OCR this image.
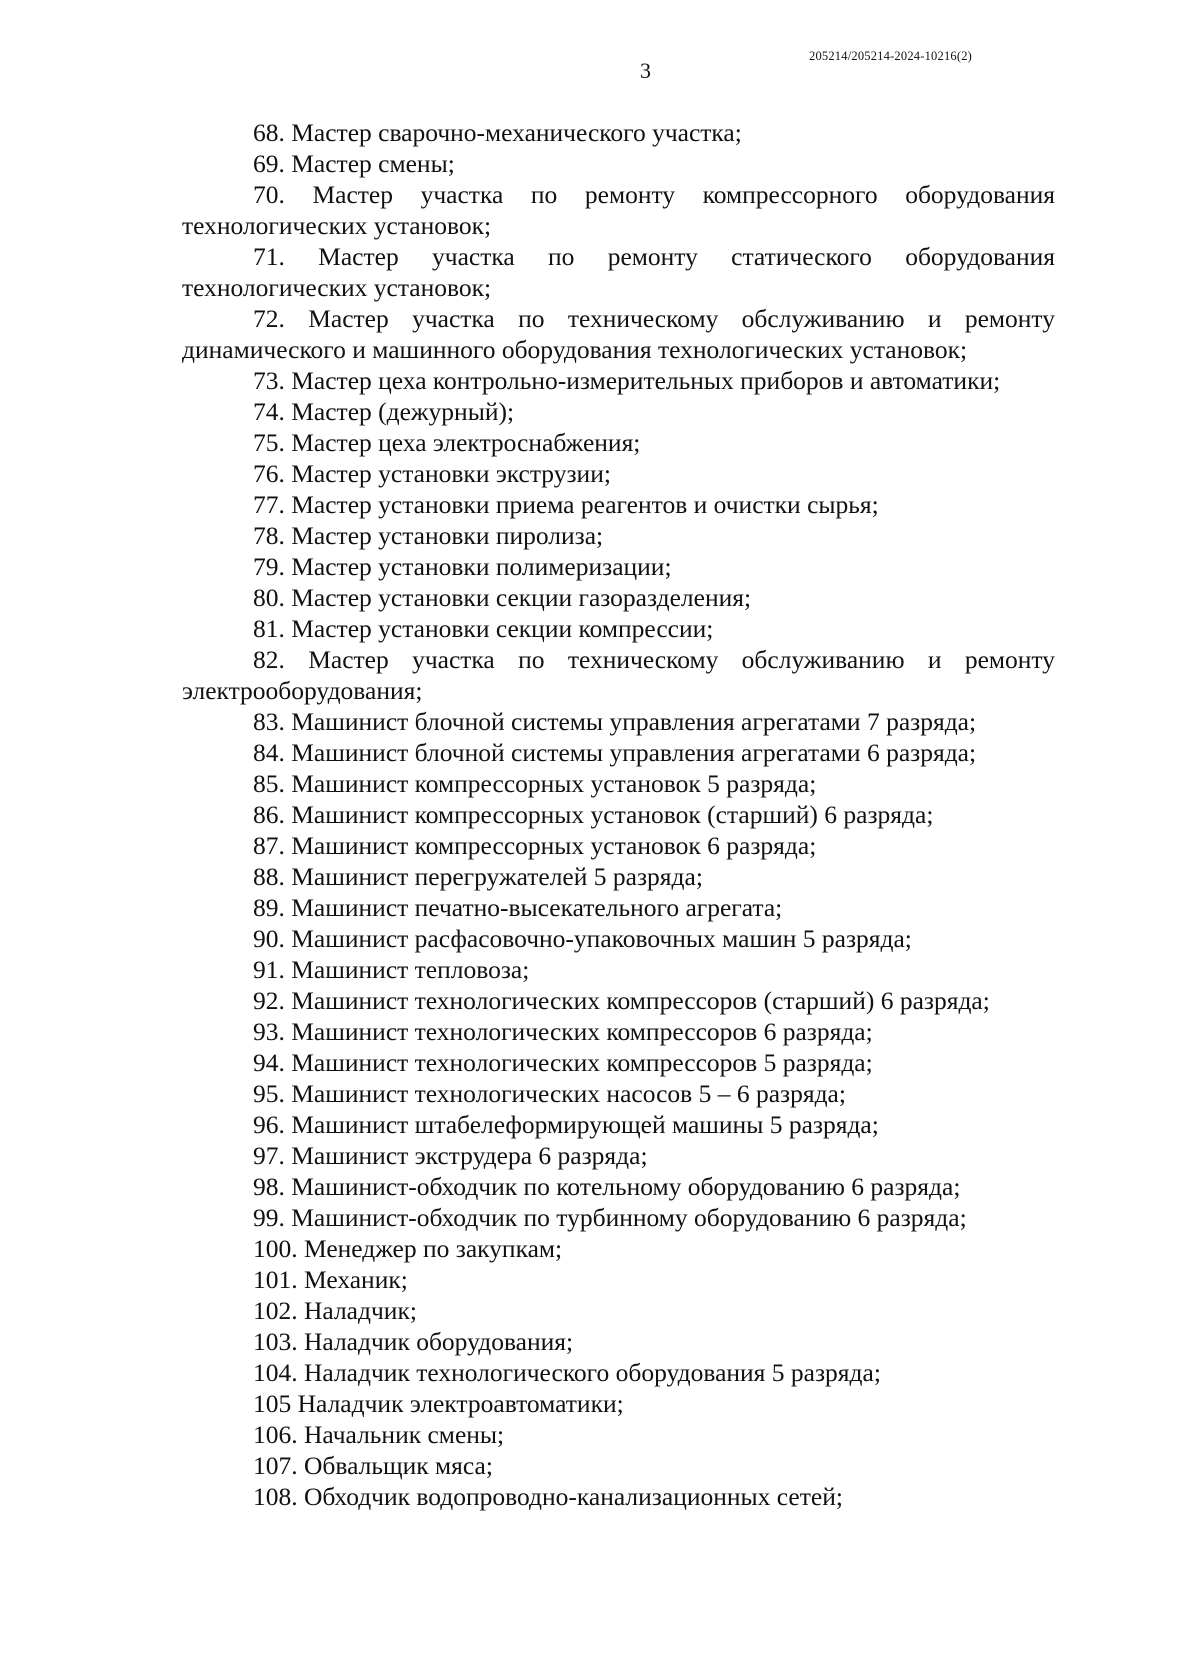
205214/205214-2024-10216(2)
3
68. Мастер сварочно-механического участка;
69. Мастер смены;
70. Мастер участка по ремонту компрессорного оборудования
технологических установок;
71. Мастер участка по ремонту статического оборудования
технологических установок;
72. Мастер участка по техническому обслуживанию и ремонту
динамического и машинного оборудования технологических установок;
73. Мастер цеха контрольно-измерительных приборов и автоматики;
74. Мастер (дежурный);
75. Мастер цеха электроснабжения;
76. Мастер установки экструзии;
77. Мастер установки приема реагентов и очистки сырья;
78. Мастер установки пиролиза;
79. Мастер установки полимеризации;
80. Мастер установки секции газоразделения;
81. Мастер установки секции компрессии;
82. Мастер участка по техническому обслуживанию и ремонту
электрооборудования;
83. Машинист блочной системы управления агрегатами 7 разряда;
84. Машинист блочной системы управления агрегатами 6 разряда;
85. Машинист компрессорных установок 5 разряда;
86. Машинист компрессорных установок (старший) 6 разряда;
87. Машинист компрессорных установок 6 разряда;
88. Машинист перегружателей 5 разряда;
89. Машинист печатно-высекательного агрегата;
90. Машинист расфасовочно-упаковочных машин 5 разряда;
91. Машинист тепловоза;
92. Машинист технологических компрессоров (старший) 6 разряда;
93. Машинист технологических компрессоров 6 разряда;
94. Машинист технологических компрессоров 5 разряда;
95. Машинист технологических насосов 5 – 6 разряда;
96. Машинист штабелеформирующей машины 5 разряда;
97. Машинист экструдера 6 разряда;
98. Машинист-обходчик по котельному оборудованию 6 разряда;
99. Машинист-обходчик по турбинному оборудованию 6 разряда;
100. Менеджер по закупкам;
101. Механик;
102. Наладчик;
103. Наладчик оборудования;
104. Наладчик технологического оборудования 5 разряда;
105 Наладчик электроавтоматики;
106. Начальник смены;
107. Обвальщик мяса;
108. Обходчик водопроводно-канализационных сетей;
